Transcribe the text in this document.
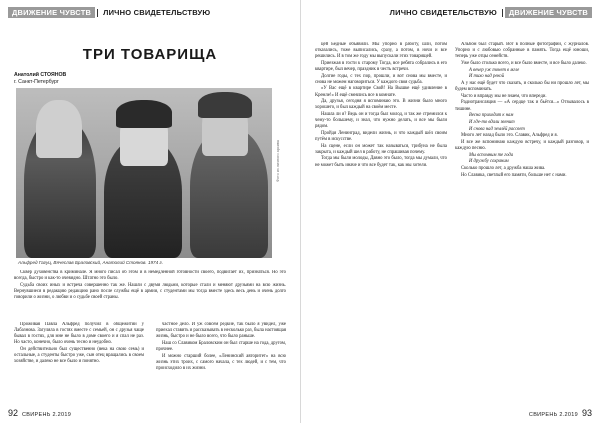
ДВИЖЕНИЕ ЧУВСТВ ЛИЧНО СВИДЕТЕЛЬСТВУЮ
ТРИ ТОВАРИЩА
Анатолий СТОЯНОВ
г. Санкт-Петербург
Фото из личного архива
Альфред Гагуц, Вячеслав Браловский, Анатолий Стоянов. 1974 г.

Сквер духовенства в криминале. Я много писал об этом и в немедленной готовности своего, подвигает их, признаться. Но это всегда, быстро и как-то очевидно. Штатно это было.

Судьба своих иных и встреча совершенно так же. Нашли с двумя людьми, которые стали и меняют друзьями на всю жизнь. Вернувшиеся в редакцию редакцию рано после службы ещё в армии, с студентами мы тогда вместе здесь весь день и очень долго говорили о жизни, о любви и о судьбе своей страны.

Проживая Павла Альфред получил в общежитии у Лабазнова. Загуляла в гостях вместе с семьей, он с друзья чаще бывал в гостях, для мне не было в доме своего и я спал не раз. Но часто, конечно, было очень тесно и неудобно.

Он действительно был существенно (века на свою семь) и остальные, а студенты быстро уже, сын отец вращались в своем хозяйстве, и далеко не все было и понятно.

частное дело. И уж совсем редкие, так было я увидел, уже приехал ставить и рассказывать в несколько раз, была настоящая жизнь, быстро и не было всего, что было раньше.

Наш со Славиком Браловским он был старше на года, другом, прочнее.

И можно старший более, «Ленинский авторитет» на всю жизнь этих троих, с самого начала, с тех людей, и с тем, что происходило в их жизни.

92 СВИРЕНЬ 2.2019
ЛИЧНО СВИДЕТЕЛЬСТВУЮ ДВИЖЕНИЕ ЧУВСТВ

цей Бедные объявили. Мы упорно в работу, шли, потом отказались, тоже выписались, сразу, а потом, в ночи и все решились. И в том же году мы выпускали этих товарищей.

Приезжая в гости к старому Тогда, все ребята собрались в его квартире, был вечер, праздник в честь встречи.

Долгие годы, с тех пор, прошли, и вот снова мы вместе, и снова не можем наговориться. У каждого своя судьба.

«У Вас ещё в квартире Свой! На Вышке ещё удивление в Кремле!» И ещё смеялись все в комнате.

Да, друзья, сегодня я вспоминаю это. В жизни было много хорошего, и был каждый на своём месте.

Нашла ли я? Ведь он и тогда был молод, и так же стремился к чему-то большему, и знал, что нужно делать, и все мы были рядом.

Пройдя Ленинград, видели жизнь, и что каждый шёл своим путём в искусстве.

На сцене, если он может так называться, трибуна не была закрыта, и каждый шел в работу, не спрашивая почему.

Тогда мы были молоды, Давно это было, тогда мы думали, что не может быть иначе и что все будет так, как мы хотели.

Альбом был старый. Вот в полные фотографии, с журналов. Упорно и с любовью собранные в память. Тогда ещё юноши, теперь уже отцы семейств.

Уже было столько всего, и все было вместе, и все было далеко.

А вечер уж тонет в мгле

И тихо над рекой

А у нас ещё будет что сказать, и сколько бы ни прошло лет, мы будем вспоминать.

Часто и вправду мы не знаем, что впереди.

Радиотрансляция — «А сердце так и бьётся...» Отзывалось в тишине.

Весна приходит к нам

И где-то вдали звенит

И снова над землёй рассвет

Много лет назад было это. Славик, Альфред и я.

И все же вспоминаю каждую встречу, и каждый разговор, и каждую песню.

Мы вспомним те года

И дружбу сохраним

Сколько прошло лет, а дружба наша жива.

Но Славика, светлый его памяти, больше нет с нами.

СВИРЕНЬ 2.2019 93
